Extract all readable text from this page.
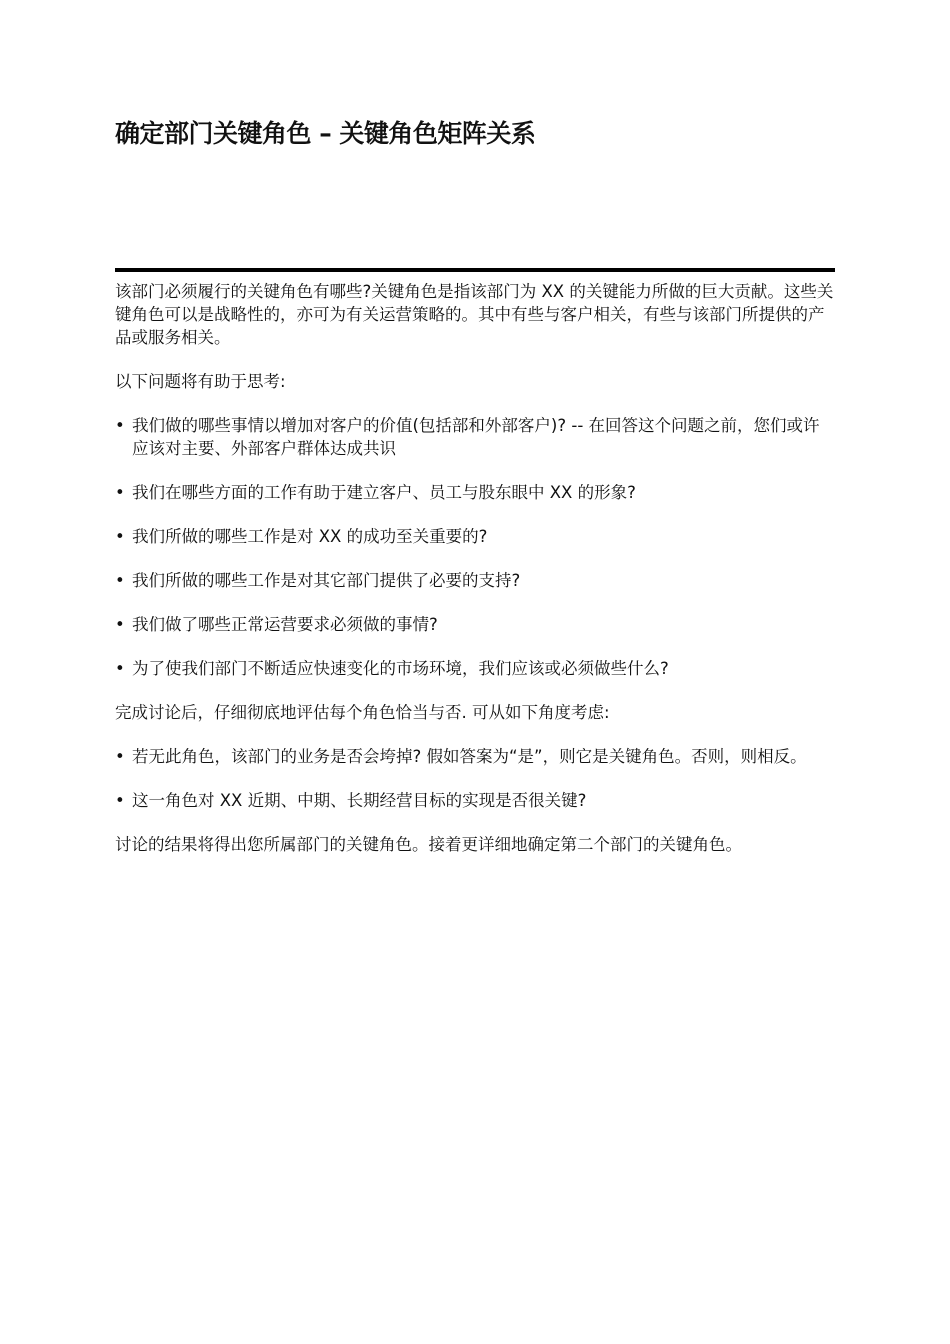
确定部门关键角色 – 关键角色矩阵关系

该部门必须履行的关键角色有哪些?关键角色是指该部门为 XX 的关键能力所做的巨大贡献。这些关键角色可以是战略性的，亦可为有关运营策略的。其中有些与客户相关，有些与该部门所提供的产品或服务相关。

以下问题将有助于思考:

• 我们做的哪些事情以增加对客户的价值(包括部和外部客户)? -- 在回答这个问题之前，您们或许应该对主要、外部客户群体达成共识
• 我们在哪些方面的工作有助于建立客户、员工与股东眼中 XX 的形象?
• 我们所做的哪些工作是对 XX 的成功至关重要的?
• 我们所做的哪些工作是对其它部门提供了必要的支持?
• 我们做了哪些正常运营要求必须做的事情?
• 为了使我们部门不断适应快速变化的市场环境，我们应该或必须做些什么?

完成讨论后，仔细彻底地评估每个角色恰当与否. 可从如下角度考虑:

• 若无此角色，该部门的业务是否会垮掉? 假如答案为“是”，则它是关键角色。否则，则相反。
• 这一角色对 XX 近期、中期、长期经营目标的实现是否很关键?

讨论的结果将得出您所属部门的关键角色。接着更详细地确定第二个部门的关键角色。
